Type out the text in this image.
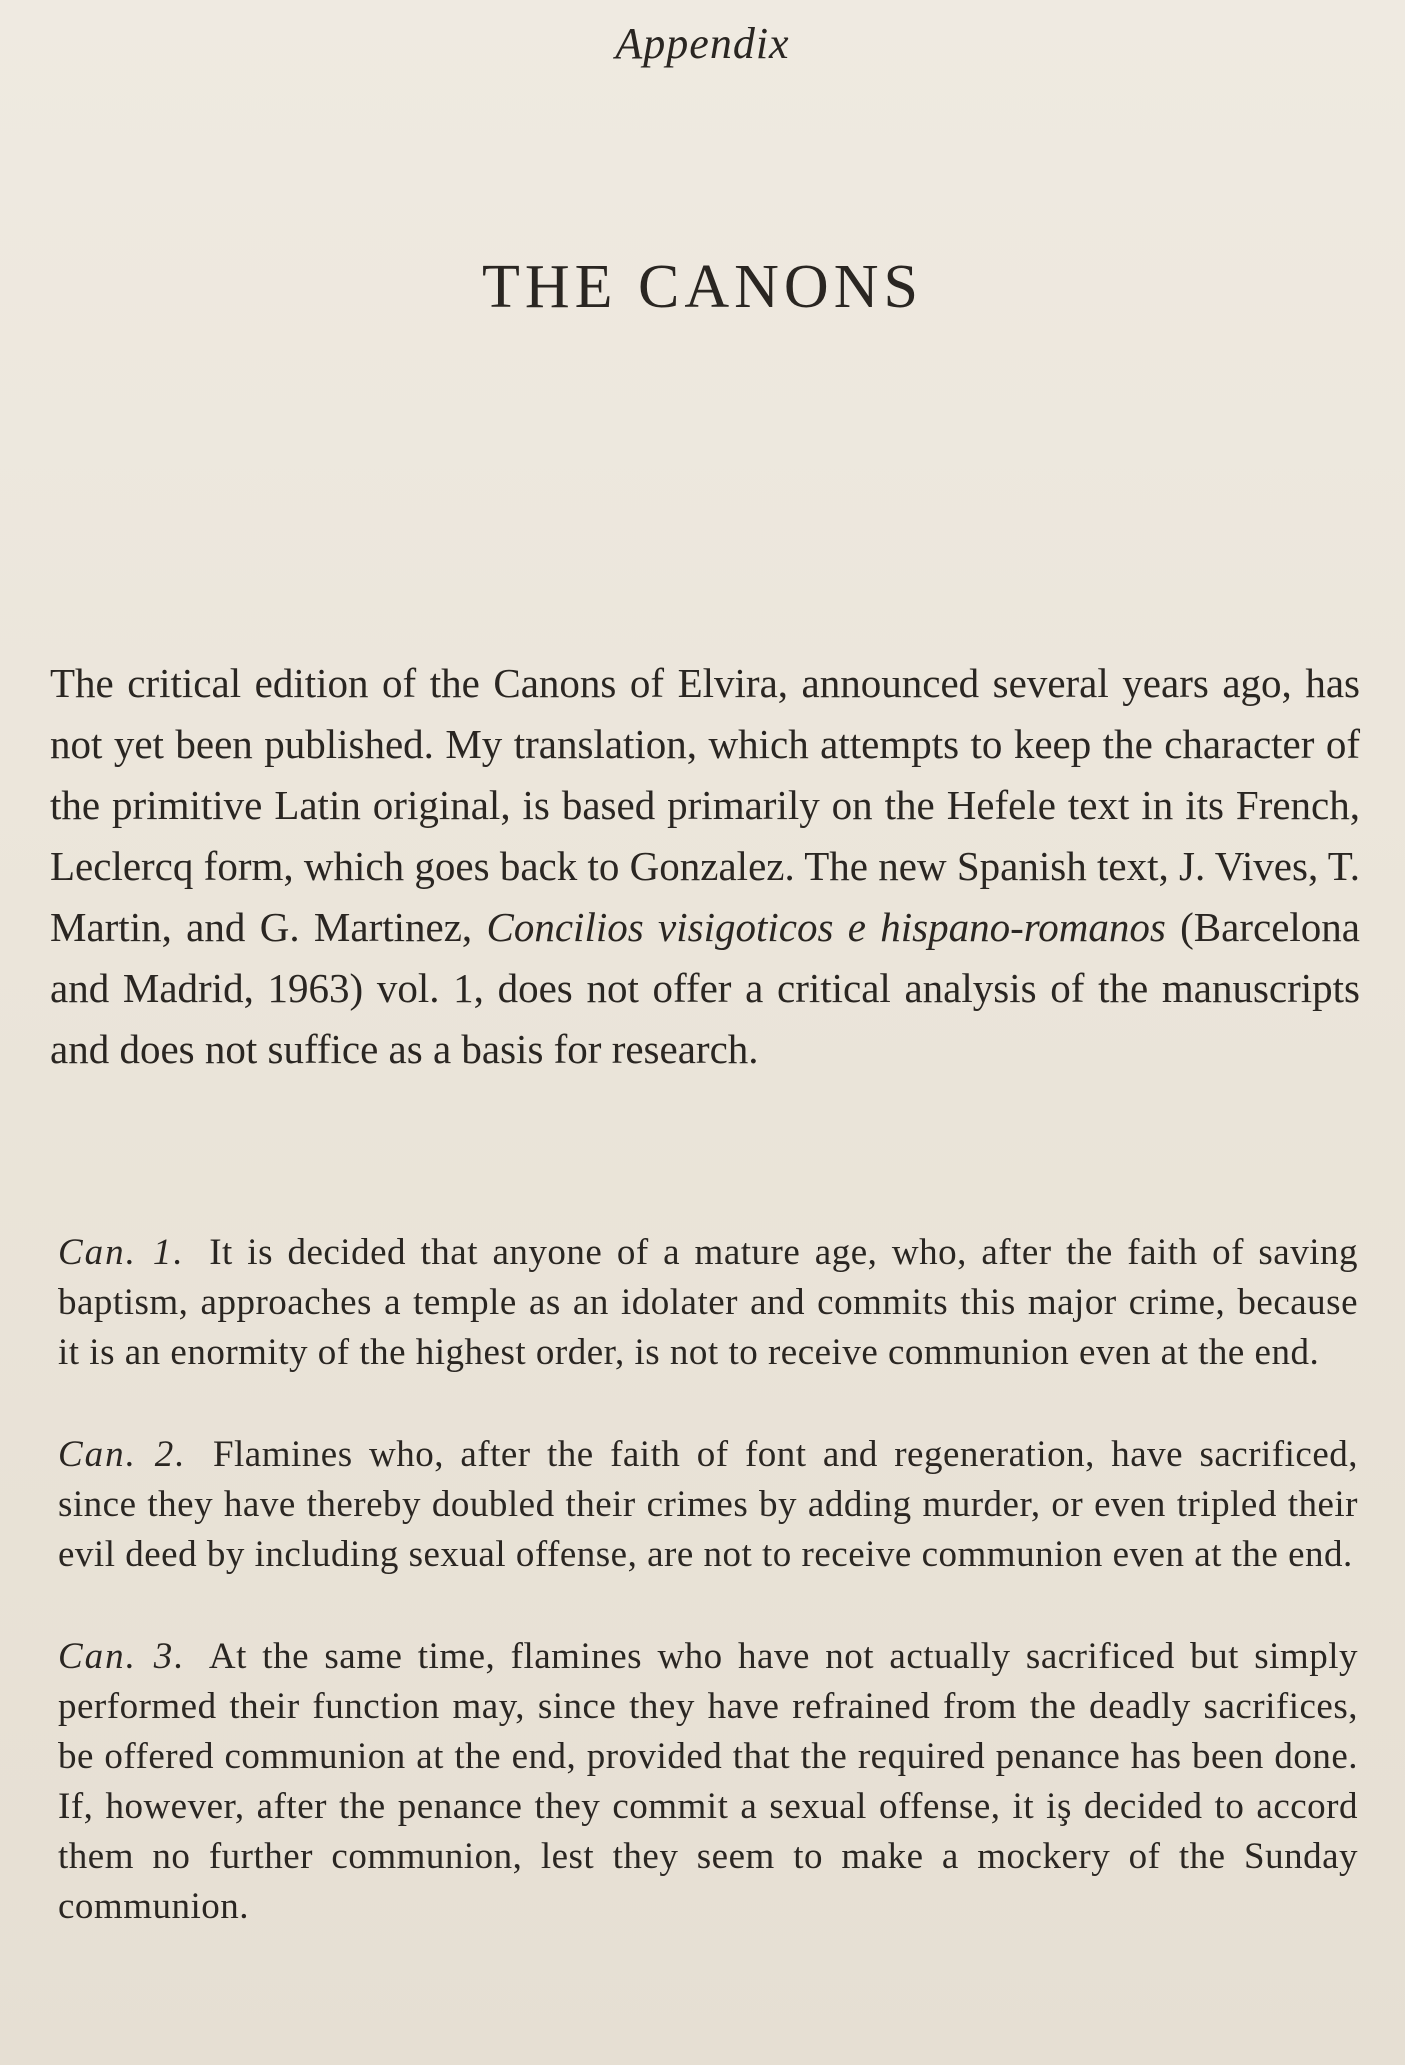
Appendix
THE CANONS

The critical edition of the Canons of Elvira, announced several years ago, has not yet been published. My translation, which attempts to keep the character of the primitive Latin original, is based primarily on the Hefele text in its French, Leclercq form, which goes back to Gonzalez. The new Spanish text, J. Vives, T. Martin, and G. Martinez, Concilios visigoticos e hispano-romanos (Barcelona and Madrid, 1963) vol. 1, does not offer a critical analysis of the manuscripts and does not suffice as a basis for research.

Can. 1. It is decided that anyone of a mature age, who, after the faith of saving baptism, approaches a temple as an idolater and commits this major crime, because it is an enormity of the highest order, is not to receive communion even at the end.

Can. 2. Flamines who, after the faith of font and regeneration, have sacrificed, since they have thereby doubled their crimes by adding murder, or even tripled their evil deed by including sexual offense, are not to receive communion even at the end.

Can. 3. At the same time, flamines who have not actually sacrificed but simply performed their function may, since they have refrained from the deadly sacrifices, be offered communion at the end, provided that the required penance has been done. If, however, after the penance they commit a sexual offense, it iş decided to accord them no further communion, lest they seem to make a mockery of the Sunday communion.
